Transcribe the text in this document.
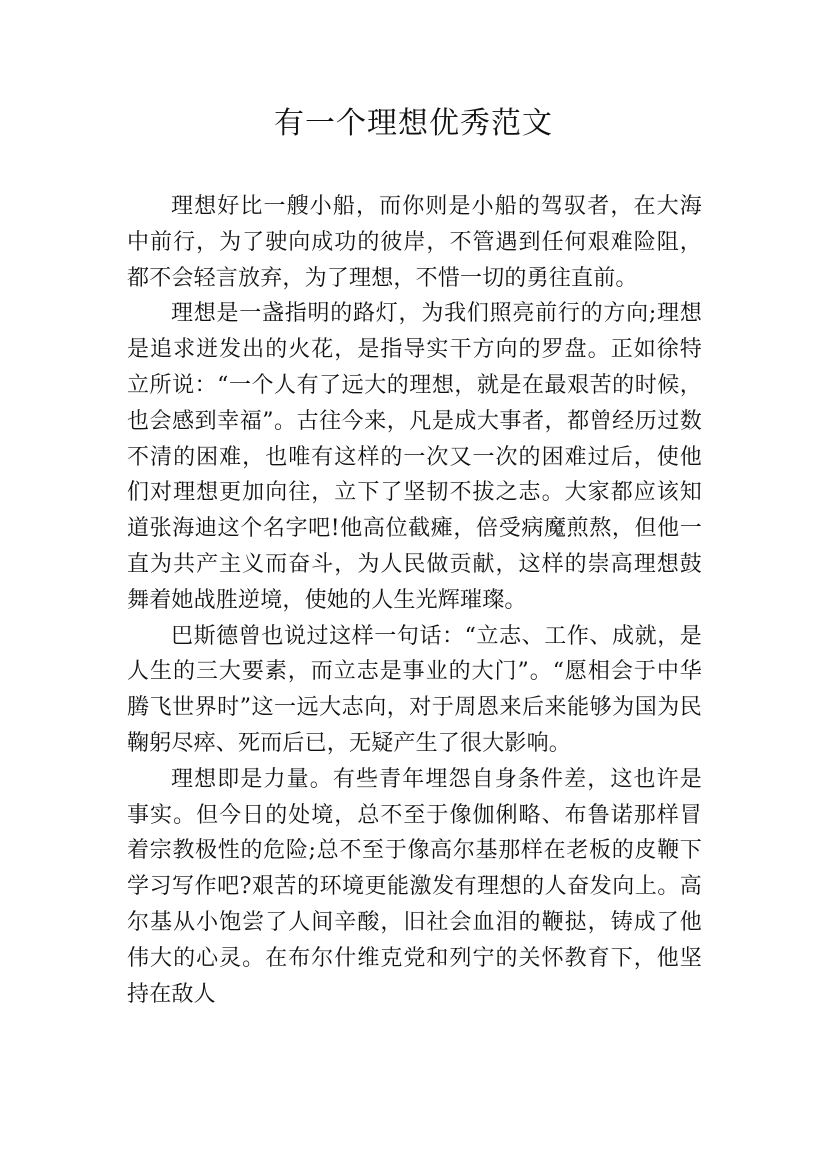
有一个理想优秀范文

理想好比一艘小船，而你则是小船的驾驭者，在大海中前行，为了驶向成功的彼岸，不管遇到任何艰难险阻，都不会轻言放弃，为了理想，不惜一切的勇往直前。

理想是一盏指明的路灯，为我们照亮前行的方向;理想是追求迸发出的火花，是指导实干方向的罗盘。正如徐特立所说：“一个人有了远大的理想，就是在最艰苦的时候，也会感到幸福”。古往今来，凡是成大事者，都曾经历过数不清的困难，也唯有这样的一次又一次的困难过后，使他们对理想更加向往，立下了坚韧不拔之志。大家都应该知道张海迪这个名字吧!他高位截瘫，倍受病魔煎熬，但他一直为共产主义而奋斗，为人民做贡献，这样的崇高理想鼓舞着她战胜逆境，使她的人生光辉璀璨。

巴斯德曾也说过这样一句话：“立志、工作、成就，是人生的三大要素，而立志是事业的大门”。“愿相会于中华腾飞世界时”这一远大志向，对于周恩来后来能够为国为民鞠躬尽瘁、死而后已，无疑产生了很大影响。

理想即是力量。有些青年埋怨自身条件差，这也许是事实。但今日的处境，总不至于像伽俐略、布鲁诺那样冒着宗教极性的危险;总不至于像高尔基那样在老板的皮鞭下学习写作吧?艰苦的环境更能激发有理想的人奋发向上。高尔基从小饱尝了人间辛酸，旧社会血泪的鞭挞，铸成了他伟大的心灵。在布尔什维克党和列宁的关怀教育下，他坚持在敌人
